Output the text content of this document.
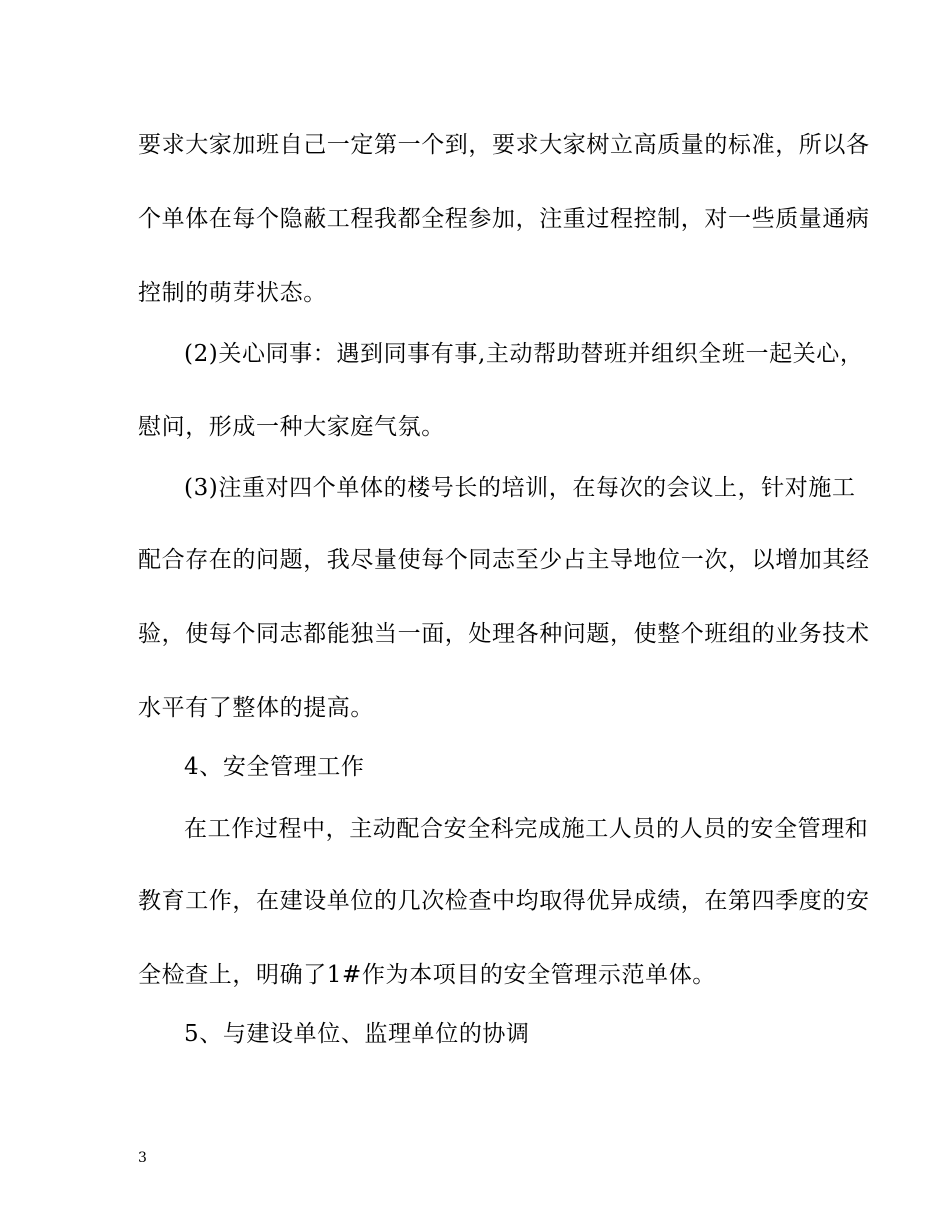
要求大家加班自己一定第一个到，要求大家树立高质量的标准，所以各
个单体在每个隐蔽工程我都全程参加，注重过程控制，对一些质量通病
控制的萌芽状态。
(2)关心同事：遇到同事有事,主动帮助替班并组织全班一起关心，
慰问，形成一种大家庭气氛。
(3)注重对四个单体的楼号长的培训，在每次的会议上，针对施工
配合存在的问题，我尽量使每个同志至少占主导地位一次，以增加其经
验，使每个同志都能独当一面，处理各种问题，使整个班组的业务技术
水平有了整体的提高。
4、安全管理工作
在工作过程中，主动配合安全科完成施工人员的人员的安全管理和
教育工作，在建设单位的几次检查中均取得优异成绩，在第四季度的安
全检查上，明确了1#作为本项目的安全管理示范单体。
5、与建设单位、监理单位的协调
3
